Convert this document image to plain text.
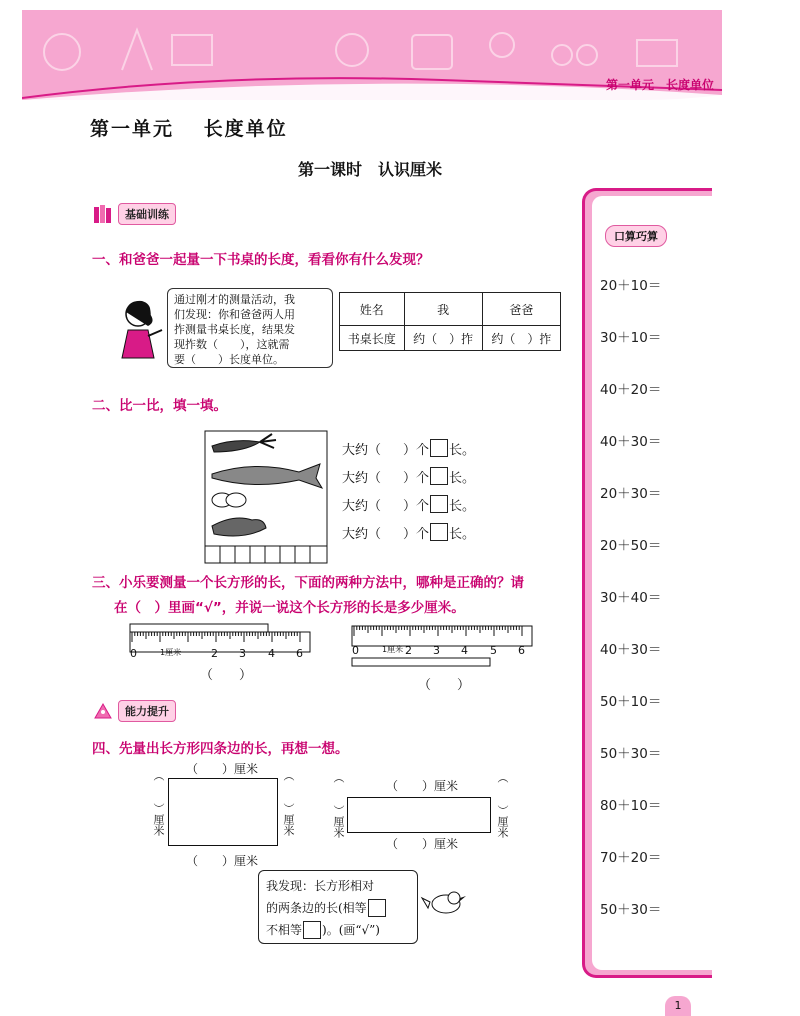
第一单元　长度单位
第一单元　 长度单位
第一课时　认识厘米
基础训练
一、和爸爸一起量一下书桌的长度，看看你有什么发现？
通过刚才的测量活动，我
们发现：你和爸爸两人用
拃测量书桌长度，结果发
现拃数（　　），这就需
要（　　）长度单位。
姓名	我	爸爸
书桌长度	约（　）拃	约（　）拃
二、比一比，填一填。
大约（ ）个 长。
大约（ ）个 长。
大约（ ）个 长。
大约（ ）个 长。
三、小乐要测量一个长方形的长，下面的两种方法中，哪种是正确的？请
在（　）里画“√”，并说一说这个长方形的长是多少厘米。
0	1厘米	2 3 4 6
（　　）
0	1厘米 2 3 4 5 6
（　　）
能力提升
四、先量出长方形四条边的长，再想一想。
（　　）厘米
（　　）厘米	（　　）厘米
（　　）厘米
（　　）厘米
（　　）厘米	（　　）厘米
（　　）厘米
我发现：长方形相对
的两条边的长(相等
不相等 )。(画“√”)
口算巧算
20＋10＝
30＋10＝
40＋20＝
40＋30＝
20＋30＝
20＋50＝
30＋40＝
40＋30＝
50＋10＝
50＋30＝
80＋10＝
70＋20＝
50＋30＝
1
